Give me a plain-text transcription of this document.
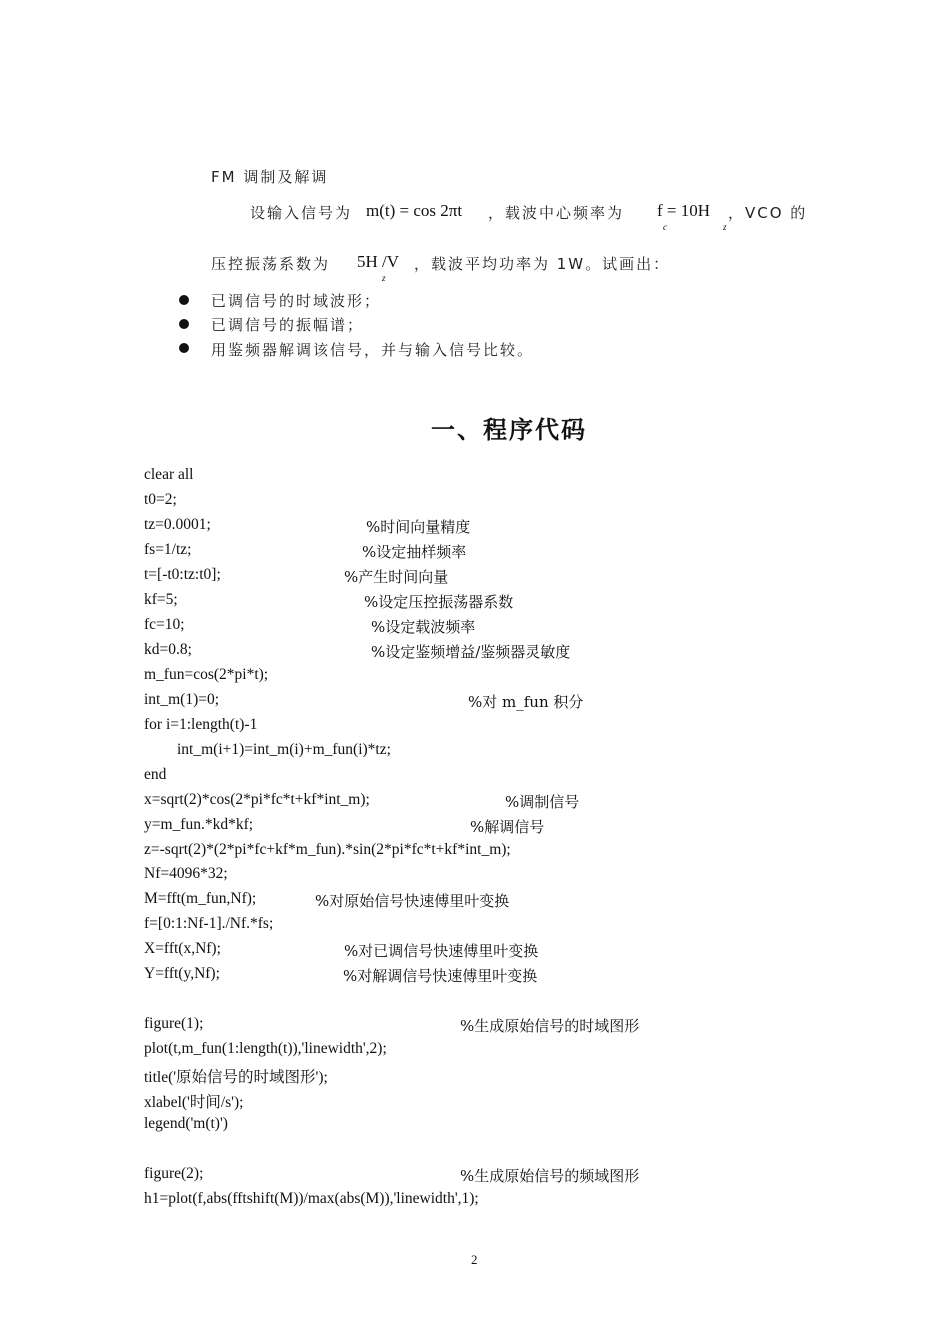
FM 调制及解调
设输入信号为 m(t) = cos 2πt ，载波中心频率为 f = 10H
c	z
，VCO 的
压控振荡系数为 5H /V
z
，载波平均功率为 1W。试画出：
已调信号的时域波形；
已调信号的振幅谱；
用鉴频器解调该信号，并与输入信号比较。
一、程序代码
clear all
t0=2;
tz=0.0001;	%时间向量精度
fs=1/tz;	%设定抽样频率
t=[-t0:tz:t0];	%产生时间向量
kf=5;	%设定压控振荡器系数
fc=10;	%设定载波频率
kd=0.8;	%设定鉴频增益/鉴频器灵敏度
m_fun=cos(2*pi*t);
int_m(1)=0;	%对 m_fun 积分
for i=1:length(t)-1
int_m(i+1)=int_m(i)+m_fun(i)*tz;
end
x=sqrt(2)*cos(2*pi*fc*t+kf*int_m);	%调制信号
y=m_fun.*kd*kf;	%解调信号
z=-sqrt(2)*(2*pi*fc+kf*m_fun).*sin(2*pi*fc*t+kf*int_m);
Nf=4096*32;
M=fft(m_fun,Nf);	%对原始信号快速傅里叶变换
f=[0:1:Nf-1]./Nf.*fs;
X=fft(x,Nf);	%对已调信号快速傅里叶变换
Y=fft(y,Nf);	%对解调信号快速傅里叶变换
figure(1);	%生成原始信号的时域图形
plot(t,m_fun(1:length(t)),'linewidth',2);
title('原始信号的时域图形');
xlabel('时间/s');
legend('m(t)')
figure(2);	%生成原始信号的频域图形
h1=plot(f,abs(fftshift(M))/max(abs(M)),'linewidth',1);
2
